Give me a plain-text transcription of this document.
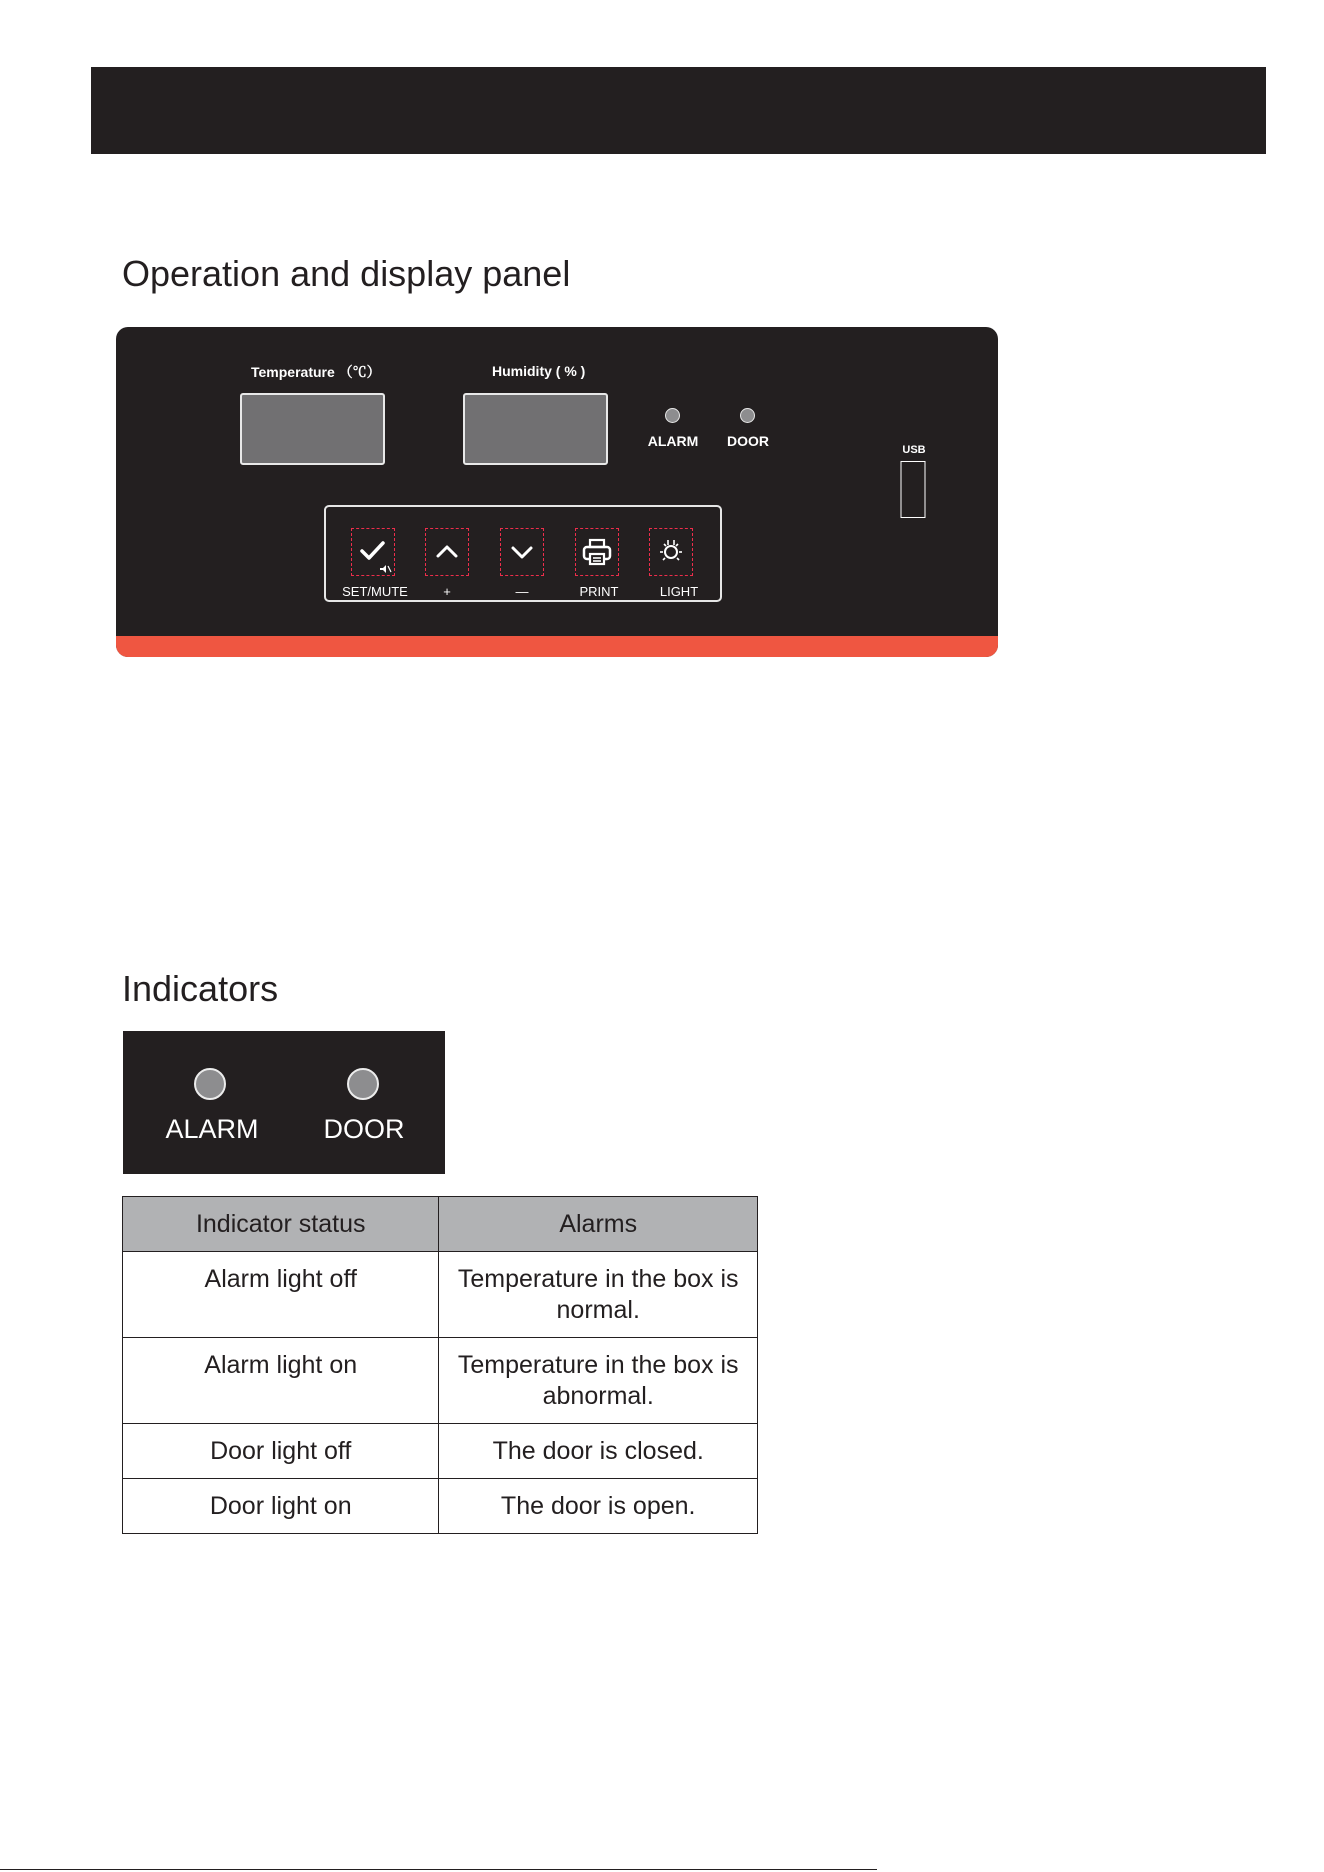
Operation and display panel
Temperature （℃）	Humidity ( % )
ALARM DOOR
USB
SET/MUTE	+	—	PRINT	LIGHT
Indicators
ALARM DOOR
Indicator status	Alarms
Alarm light off	Temperature in the box is normal.
Alarm light on	Temperature in the box is abnormal.
Door light off	The door is closed.
Door light on	The door is open.
